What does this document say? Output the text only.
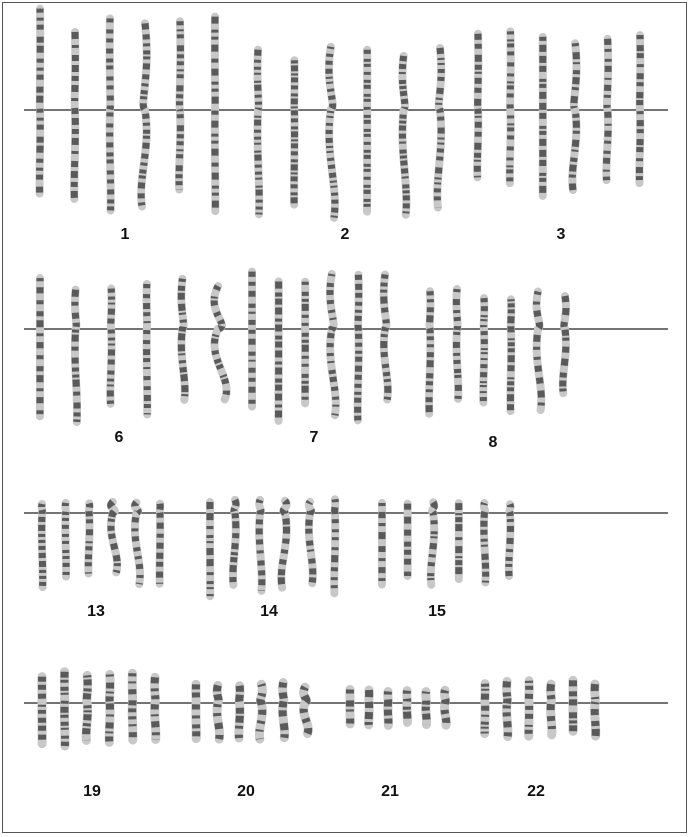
1	2	3
6	7	8
13	14	15
19	20	21	22
